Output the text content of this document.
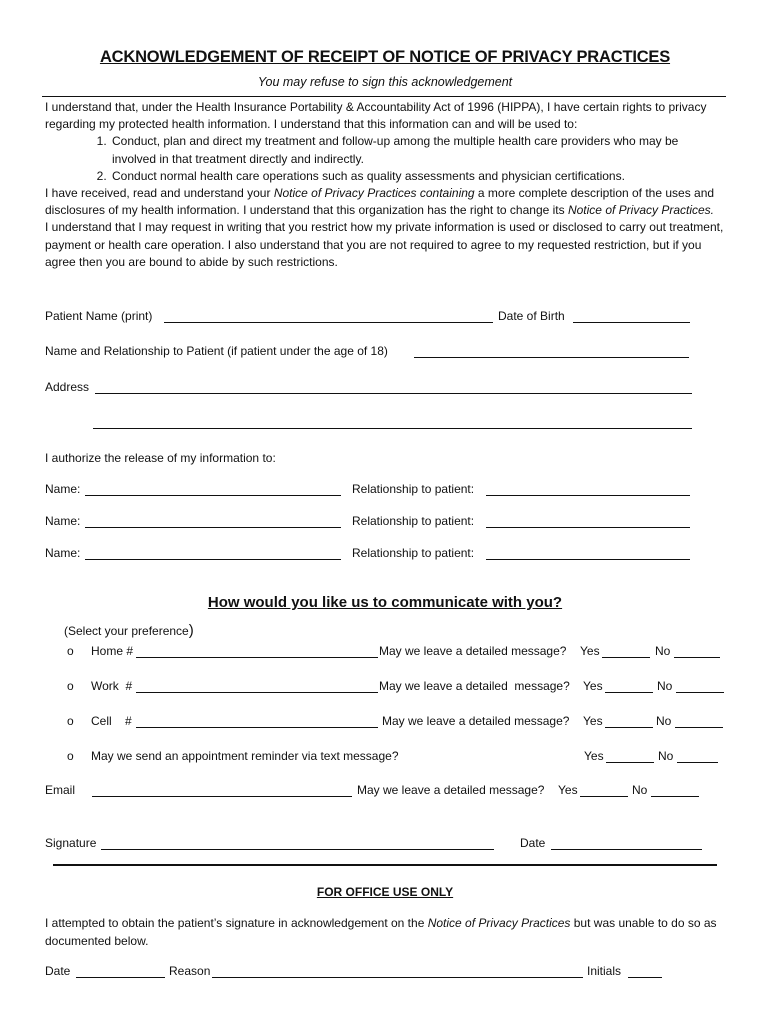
ACKNOWLEDGEMENT OF RECEIPT OF NOTICE OF PRIVACY PRACTICES
You may refuse to sign this acknowledgement

I understand that, under the Health Insurance Portability & Accountability Act of 1996 (HIPPA), I have certain rights to privacy regarding my protected health information. I understand that this information can and will be used to:

1. Conduct, plan and direct my treatment and follow-up among the multiple health care providers who may be involved in that treatment directly and indirectly.
2. Conduct normal health care operations such as quality assessments and physician certifications.

I have received, read and understand your Notice of Privacy Practices containing a more complete description of the uses and disclosures of my health information. I understand that this organization has the right to change its Notice of Privacy Practices.

I understand that I may request in writing that you restrict how my private information is used or disclosed to carry out treatment, payment or health care operation. I also understand that you are not required to agree to my requested restriction, but if you agree then you are bound to abide by such restrictions.

Patient Name (print)	Date of Birth
Name and Relationship to Patient (if patient under the age of 18)
Address
I authorize the release of my information to:
Name:	Relationship to patient:
Name:	Relationship to patient:
Name:	Relationship to patient:
How would you like us to communicate with you?
(Select your preference)
o Home #	May we leave a detailed message? Yes	No
o Work  #	May we leave a detailed  message? Yes	No
o Cell    #	May we leave a detailed message? Yes	No
o May we send an appointment reminder via text message?	Yes	No
Email	May we leave a detailed message? Yes	No
Signature	Date
FOR OFFICE USE ONLY
I attempted to obtain the patient’s signature in acknowledgement on the Notice of Privacy Practices but was unable to do so as documented below.
Date	Reason	Initials
